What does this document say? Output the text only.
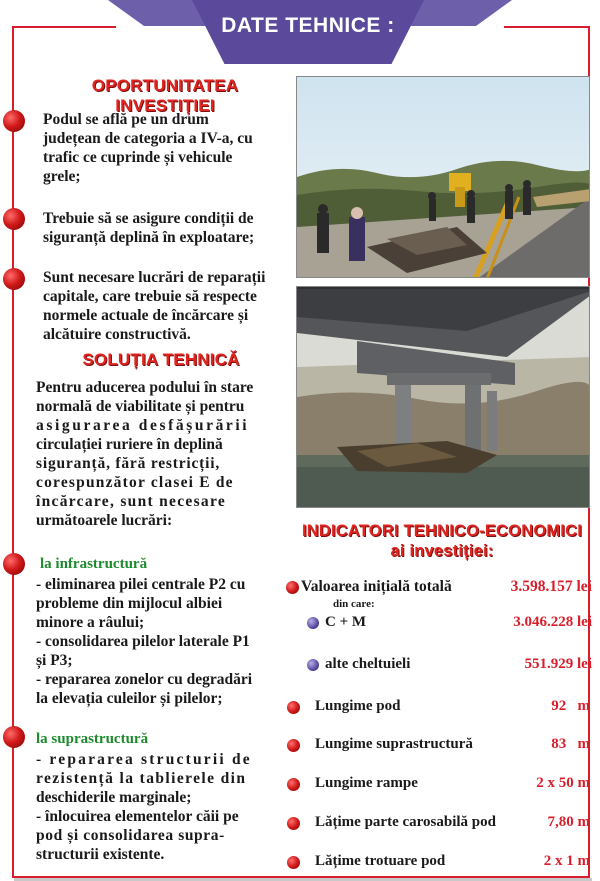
DATE TEHNICE :
OPORTUNITATEA INVESTIȚIEI
Podul se află pe un drum
județean de categoria a IV-a, cu
trafic ce cuprinde și vehicule
grele;
Trebuie să se asigure condiții de
siguranță deplină în exploatare;
Sunt necesare lucrări de reparații
capitale, care trebuie să respecte
normele actuale de încărcare și
alcătuire constructivă.
SOLUȚIA TEHNICĂ
Pentru aducerea podului în stare
normală de viabilitate și pentru
asigurarea desfășurării
circulației ruriere în deplină
siguranță, fără restricții,
corespunzător clasei E de
încărcare, sunt necesare
următoarele lucrări:
la infrastructură
- eliminarea pilei centrale P2 cu
probleme din mijlocul albiei
minore a râului;
- consolidarea pilelor laterale P1
și P3;
- repararea zonelor cu degradări
la elevația culeilor și pilelor;
la suprastructură
- repararea structurii de
rezistență la tablierele din
deschiderile marginale;
- înlocuirea elementelor căii pe
pod și consolidarea supra-
structurii existente.
INDICATORI TEHNICO-ECONOMICI
ai investiției:
Valoarea inițială totală	3.598.157 lei
din care:
C + M	3.046.228 lei
alte cheltuieli	551.929 lei
Lungime pod	92   m
Lungime suprastructură	83   m
Lungime rampe	2 x 50 m
Lățime parte carosabilă pod	7,80 m
Lățime trotuare pod	2 x 1 m
